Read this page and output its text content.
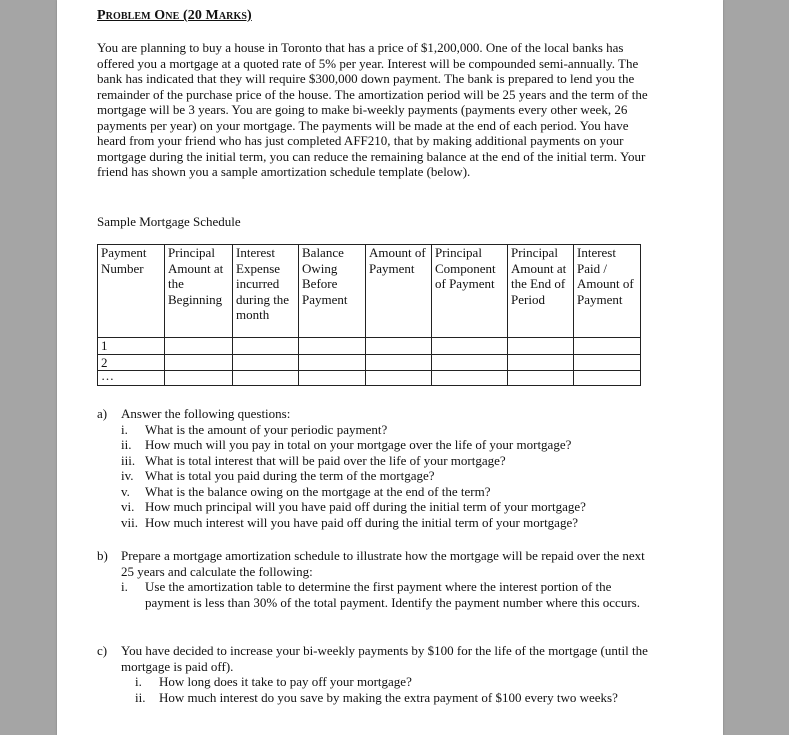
Problem One (20 Marks)
You are planning to buy a house in Toronto that has a price of $1,200,000. One of the local banks has offered you a mortgage at a quoted rate of 5% per year. Interest will be compounded semi-annually. The bank has indicated that they will require $300,000 down payment. The bank is prepared to lend you the remainder of the purchase price of the house. The amortization period will be 25 years and the term of the mortgage will be 3 years. You are going to make bi-weekly payments (payments every other week, 26 payments per year) on your mortgage. The payments will be made at the end of each period. You have heard from your friend who has just completed AFF210, that by making additional payments on your mortgage during the initial term, you can reduce the remaining balance at the end of the initial term. Your friend has shown you a sample amortization schedule template (below).
Sample Mortgage Schedule
Payment Number	Principal Amount at the Beginning	Interest Expense incurred during the month	Balance Owing Before Payment	Amount of Payment	Principal Component of Payment	Principal Amount at the End of Period	Interest Paid / Amount of Payment
1							
2							
…							
a)	Answer the following questions:
i.	What is the amount of your periodic payment?
ii.	How much will you pay in total on your mortgage over the life of your mortgage?
iii. What is total interest that will be paid over the life of your mortgage?
iv. What is total you paid during the term of the mortgage?
v.	What is the balance owing on the mortgage at the end of the term?
vi. How much principal will you have paid off during the initial term of your mortgage?
vii. How much interest will you have paid off during the initial term of your mortgage?
b)	Prepare a mortgage amortization schedule to illustrate how the mortgage will be repaid over the next 25 years and calculate the following:
i.	Use the amortization table to determine the first payment where the interest portion of the payment is less than 30% of the total payment. Identify the payment number where this occurs.
c)	You have decided to increase your bi-weekly payments by $100 for the life of the mortgage (until the mortgage is paid off).
i.	How long does it take to pay off your mortgage?
ii.	How much interest do you save by making the extra payment of $100 every two weeks?
